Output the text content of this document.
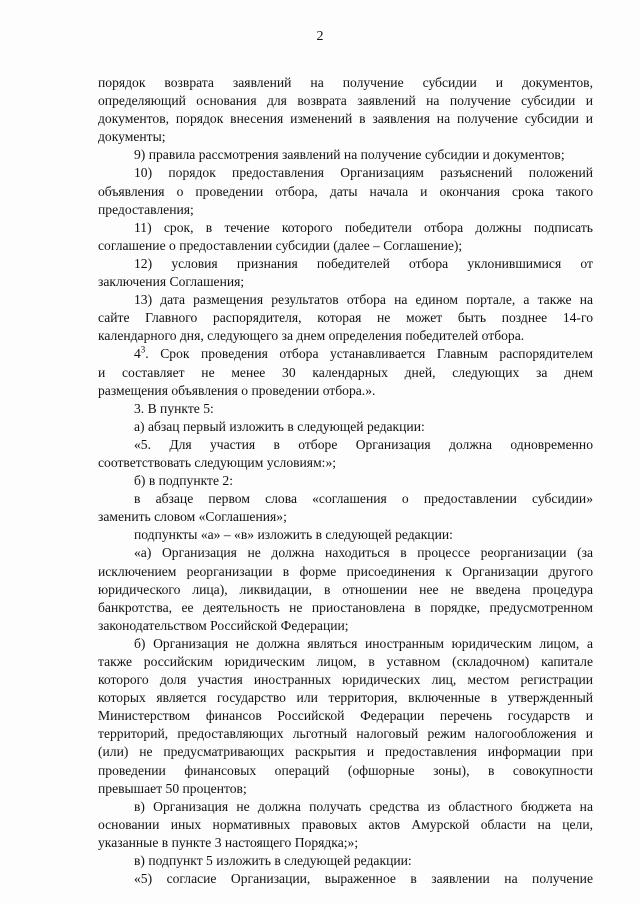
2
порядок возврата заявлений на получение субсидии и документов,
определяющий основания для возврата заявлений на получение субсидии и
документов, порядок внесения изменений в заявления на получение субсидии и
документы;
9) правила рассмотрения заявлений на получение субсидии и документов;
10) порядок предоставления Организациям разъяснений положений
объявления о проведении отбора, даты начала и окончания срока такого
предоставления;
11) срок, в течение которого победители отбора должны подписать
соглашение о предоставлении субсидии (далее – Соглашение);
12) условия признания победителей отбора уклонившимися от
заключения Соглашения;
13) дата размещения результатов отбора на едином портале, а также на
сайте Главного распорядителя, которая не может быть позднее 14-го
календарного дня, следующего за днем определения победителей отбора.
$4^3$. Срок проведения отбора устанавливается Главным распорядителем
и составляет не менее 30 календарных дней, следующих за днем
размещения объявления о проведении отбора.».
3. В пункте 5:
а) абзац первый изложить в следующей редакции:
«5. Для участия в отборе Организация должна одновременно
соответствовать следующим условиям:»;
б) в подпункте 2:
в абзаце первом слова «соглашения о предоставлении субсидии»
заменить словом «Соглашения»;
подпункты «а» – «в» изложить в следующей редакции:
«а) Организация не должна находиться в процессе реорганизации (за
исключением реорганизации в форме присоединения к Организации другого
юридического лица), ликвидации, в отношении нее не введена процедура
банкротства, ее деятельность не приостановлена в порядке, предусмотренном
законодательством Российской Федерации;
б) Организация не должна являться иностранным юридическим лицом, а
также российским юридическим лицом, в уставном (складочном) капитале
которого доля участия иностранных юридических лиц, местом регистрации
которых является государство или территория, включенные в утвержденный
Министерством финансов Российской Федерации перечень государств и
территорий, предоставляющих льготный налоговый режим налогообложения и
(или) не предусматривающих раскрытия и предоставления информации при
проведении финансовых операций (офшорные зоны), в совокупности
превышает 50 процентов;
в) Организация не должна получать средства из областного бюджета на
основании иных нормативных правовых актов Амурской области на цели,
указанные в пункте 3 настоящего Порядка;»;
в) подпункт 5 изложить в следующей редакции:
«5) согласие Организации, выраженное в заявлении на получение
